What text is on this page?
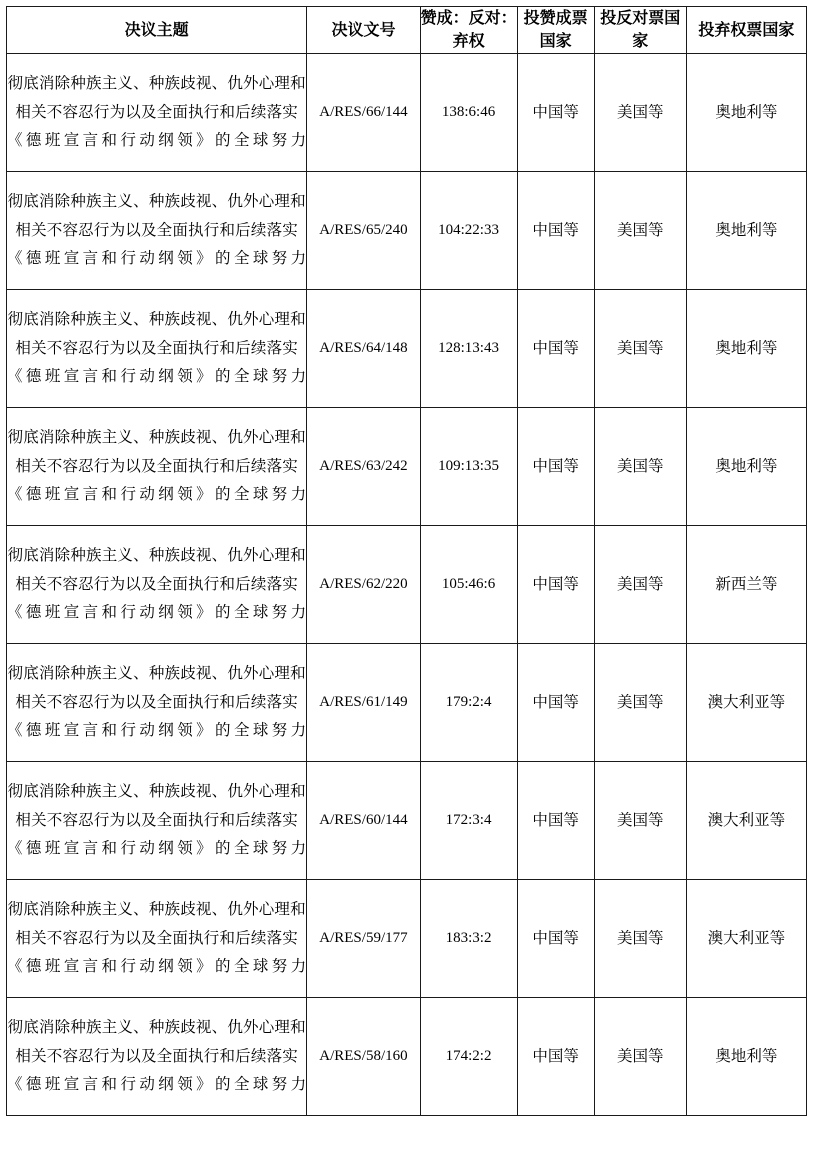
决议主题	决议文号	赞成：反对：弃权	投赞成票国家	投反对票国家	投弃权票国家
彻底消除种族主义、种族歧视、仇外心理和相关不容忍行为以及全面执行和后续落实《德班宣言和行动纲领》的全球努力	A/RES/66/144	138:6:46	中国等	美国等	奥地利等
彻底消除种族主义、种族歧视、仇外心理和相关不容忍行为以及全面执行和后续落实《德班宣言和行动纲领》的全球努力	A/RES/65/240	104:22:33	中国等	美国等	奥地利等
彻底消除种族主义、种族歧视、仇外心理和相关不容忍行为以及全面执行和后续落实《德班宣言和行动纲领》的全球努力	A/RES/64/148	128:13:43	中国等	美国等	奥地利等
彻底消除种族主义、种族歧视、仇外心理和相关不容忍行为以及全面执行和后续落实《德班宣言和行动纲领》的全球努力	A/RES/63/242	109:13:35	中国等	美国等	奥地利等
彻底消除种族主义、种族歧视、仇外心理和相关不容忍行为以及全面执行和后续落实《德班宣言和行动纲领》的全球努力	A/RES/62/220	105:46:6	中国等	美国等	新西兰等
彻底消除种族主义、种族歧视、仇外心理和相关不容忍行为以及全面执行和后续落实《德班宣言和行动纲领》的全球努力	A/RES/61/149	179:2:4	中国等	美国等	澳大利亚等
彻底消除种族主义、种族歧视、仇外心理和相关不容忍行为以及全面执行和后续落实《德班宣言和行动纲领》的全球努力	A/RES/60/144	172:3:4	中国等	美国等	澳大利亚等
彻底消除种族主义、种族歧视、仇外心理和相关不容忍行为以及全面执行和后续落实《德班宣言和行动纲领》的全球努力	A/RES/59/177	183:3:2	中国等	美国等	澳大利亚等
彻底消除种族主义、种族歧视、仇外心理和相关不容忍行为以及全面执行和后续落实《德班宣言和行动纲领》的全球努力	A/RES/58/160	174:2:2	中国等	美国等	奥地利等
